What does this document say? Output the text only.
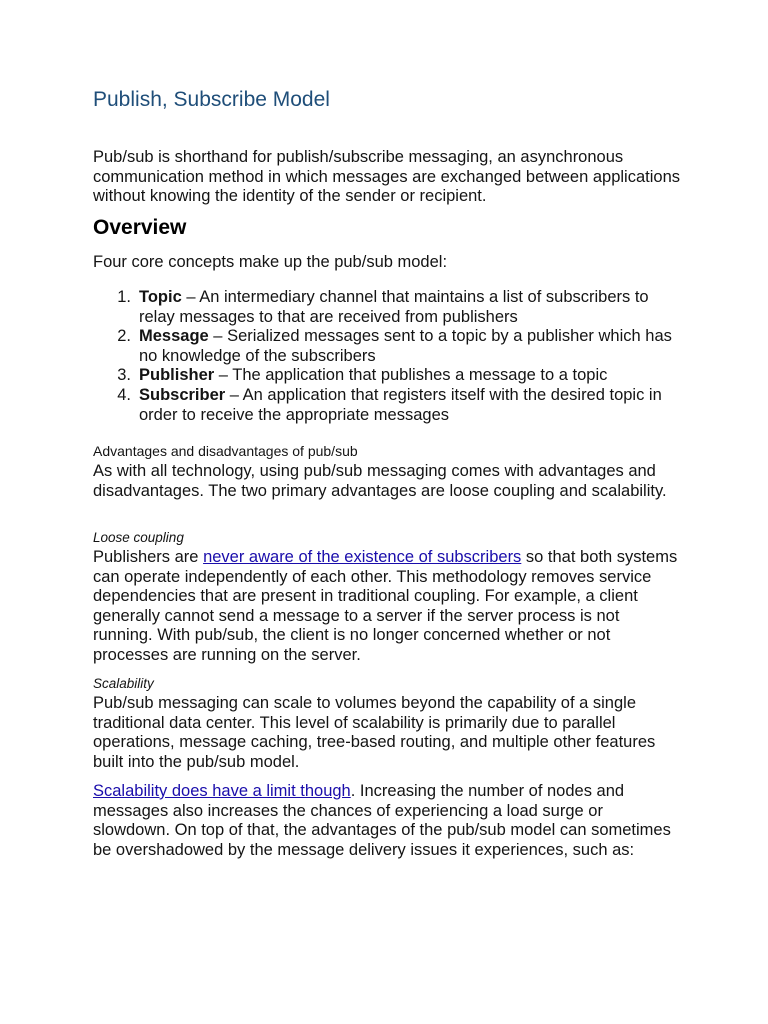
Publish, Subscribe Model

Pub/sub is shorthand for publish/subscribe messaging, an asynchronous communication method in which messages are exchanged between applications without knowing the identity of the sender or recipient.

Overview

Four core concepts make up the pub/sub model:

1. Topic – An intermediary channel that maintains a list of subscribers to relay messages to that are received from publishers
2. Message – Serialized messages sent to a topic by a publisher which has no knowledge of the subscribers
3. Publisher – The application that publishes a message to a topic
4. Subscriber – An application that registers itself with the desired topic in order to receive the appropriate messages
Advantages and disadvantages of pub/sub

As with all technology, using pub/sub messaging comes with advantages and disadvantages. The two primary advantages are loose coupling and scalability.

Loose coupling

Publishers are never aware of the existence of subscribers so that both systems can operate independently of each other. This methodology removes service dependencies that are present in traditional coupling. For example, a client generally cannot send a message to a server if the server process is not running. With pub/sub, the client is no longer concerned whether or not processes are running on the server.

Scalability

Pub/sub messaging can scale to volumes beyond the capability of a single traditional data center. This level of scalability is primarily due to parallel operations, message caching, tree-based routing, and multiple other features built into the pub/sub model.

Scalability does have a limit though. Increasing the number of nodes and messages also increases the chances of experiencing a load surge or slowdown. On top of that, the advantages of the pub/sub model can sometimes be overshadowed by the message delivery issues it experiences, such as:
